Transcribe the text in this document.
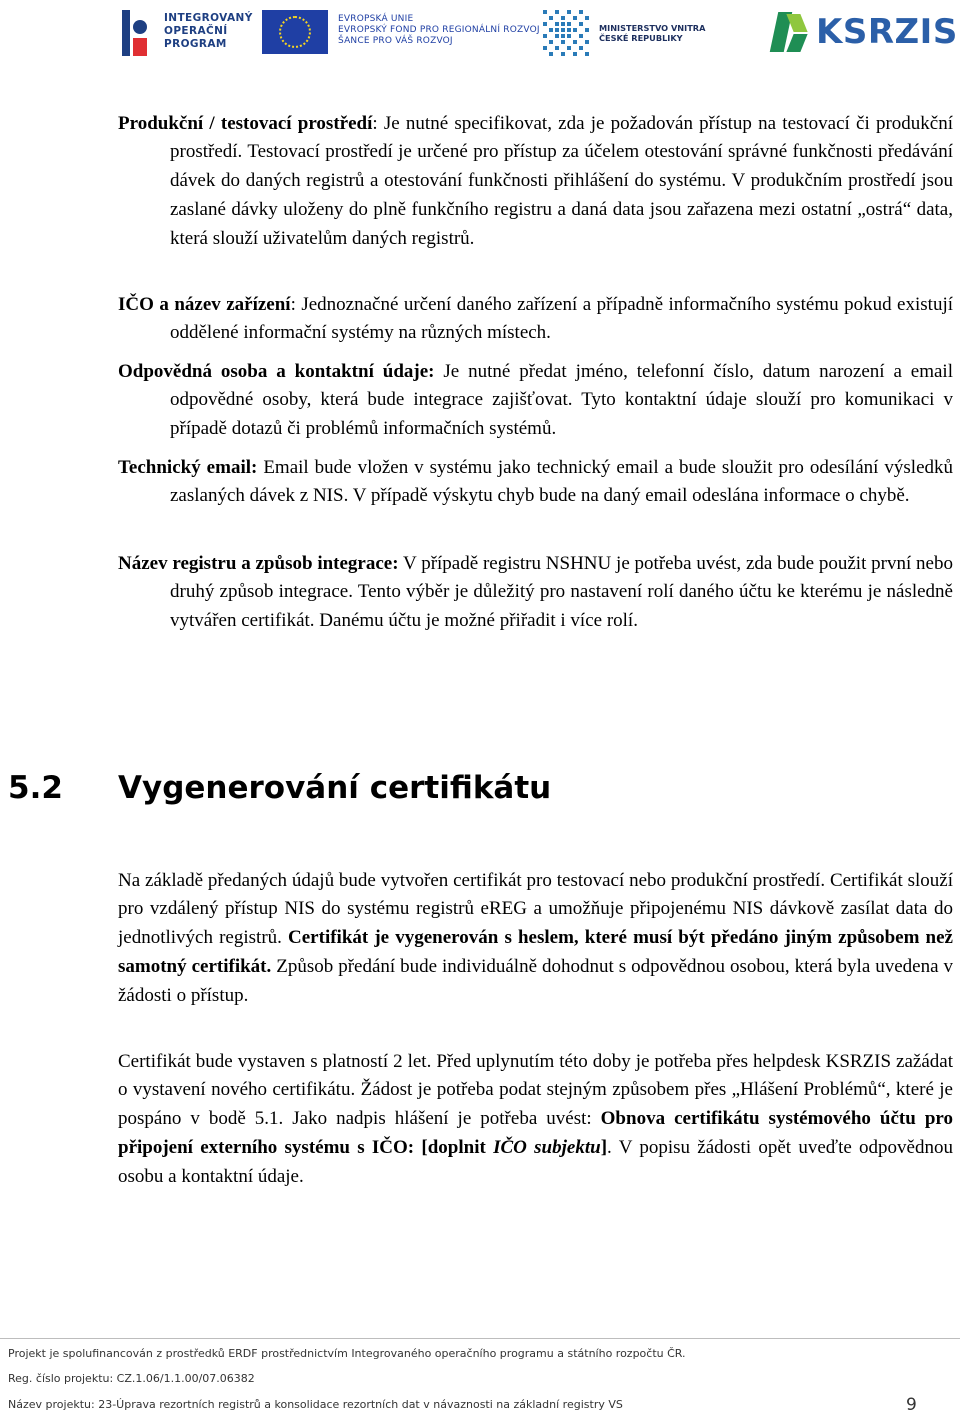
INTEGROVANÝ
OPERAČNÍ
PROGRAM
EVROPSKÁ UNIE
EVROPSKÝ FOND PRO REGIONÁLNÍ ROZVOJ
ŠANCE PRO VÁŠ ROZVOJ
MINISTERSTVO VNITRA
ČESKÉ REPUBLIKY	KSRZIS

Produkční / testovací prostředí: Je nutné specifikovat, zda je požadován přístup na testovací či produkční prostředí. Testovací prostředí je určené pro přístup za účelem otestování správné funkčnosti předávání dávek do daných registrů a otestování funkčnosti přihlášení do systému. V produkčním prostředí jsou zaslané dávky uloženy do plně funkčního registru a daná data jsou zařazena mezi ostatní „ostrá“ data, která slouží uživatelům daných registrů.

IČO a název zařízení: Jednoznačné určení daného zařízení a případně informačního systému pokud existují oddělené informační systémy na různých místech.

Odpovědná osoba a kontaktní údaje: Je nutné předat jméno, telefonní číslo, datum narození a email odpovědné osoby, která bude integrace zajišťovat. Tyto kontaktní údaje slouží pro komunikaci v případě dotazů či problémů informačních systémů.

Technický email: Email bude vložen v systému jako technický email a bude sloužit pro odesílání výsledků zaslaných dávek z NIS. V případě výskytu chyb bude na daný email odeslána informace o chybě.

Název registru a způsob integrace: V případě registru NSHNU je potřeba uvést, zda bude použit první nebo druhý způsob integrace. Tento výběr je důležitý pro nastavení rolí daného účtu ke kterému je následně vytvářen certifikát. Danému účtu je možné přiřadit i více rolí.

5.2 Vygenerování certifikátu

Na základě předaných údajů bude vytvořen certifikát pro testovací nebo produkční prostředí. Certifikát slouží pro vzdálený přístup NIS do systému registrů eREG a umožňuje připojenému NIS dávkově zasílat data do jednotlivých registrů. Certifikát je vygenerován s heslem, které musí být předáno jiným způsobem než samotný certifikát. Způsob předání bude individuálně dohodnut s odpovědnou osobou, která byla uvedena v žádosti o přístup.

Certifikát bude vystaven s platností 2 let. Před uplynutím této doby je potřeba přes helpdesk KSRZIS zažádat o vystavení nového certifikátu. Žádost je potřeba podat stejným způsobem přes „Hlášení Problémů“, které je pospáno v bodě 5.1. Jako nadpis hlášení je potřeba uvést: Obnova certifikátu systémového účtu pro připojení externího systému s IČO: [doplnit IČO subjektu]. V popisu žádosti opět uveďte odpovědnou osobu a kontaktní údaje.

Projekt je spolufinancován z prostředků ERDF prostřednictvím Integrovaného operačního programu a státního rozpočtu ČR.
Reg. číslo projektu: CZ.1.06/1.1.00/07.06382
Název projektu: 23-Úprava rezortních registrů a konsolidace rezortních dat v návaznosti na základní registry VS	9
